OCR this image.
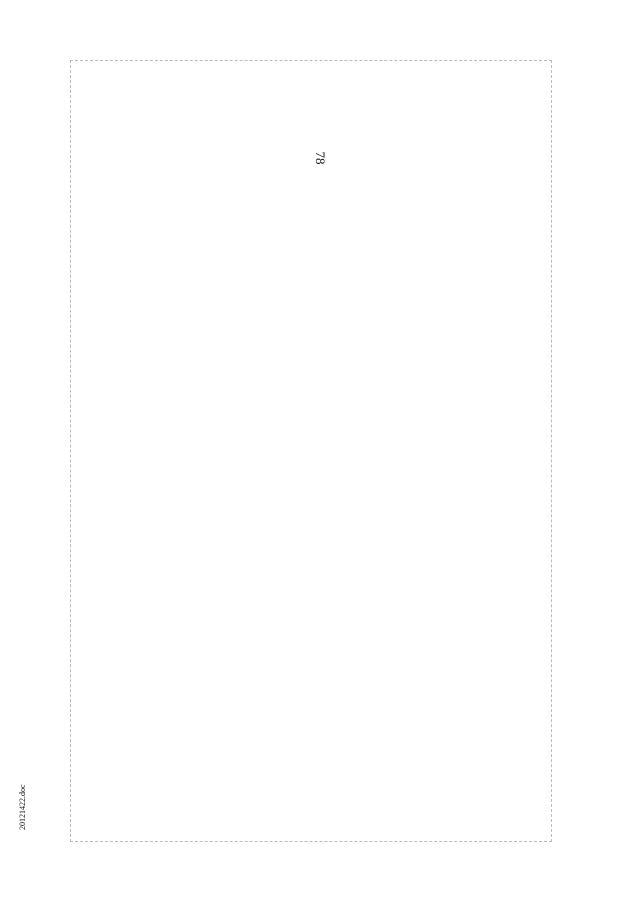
78
20121422.doc
